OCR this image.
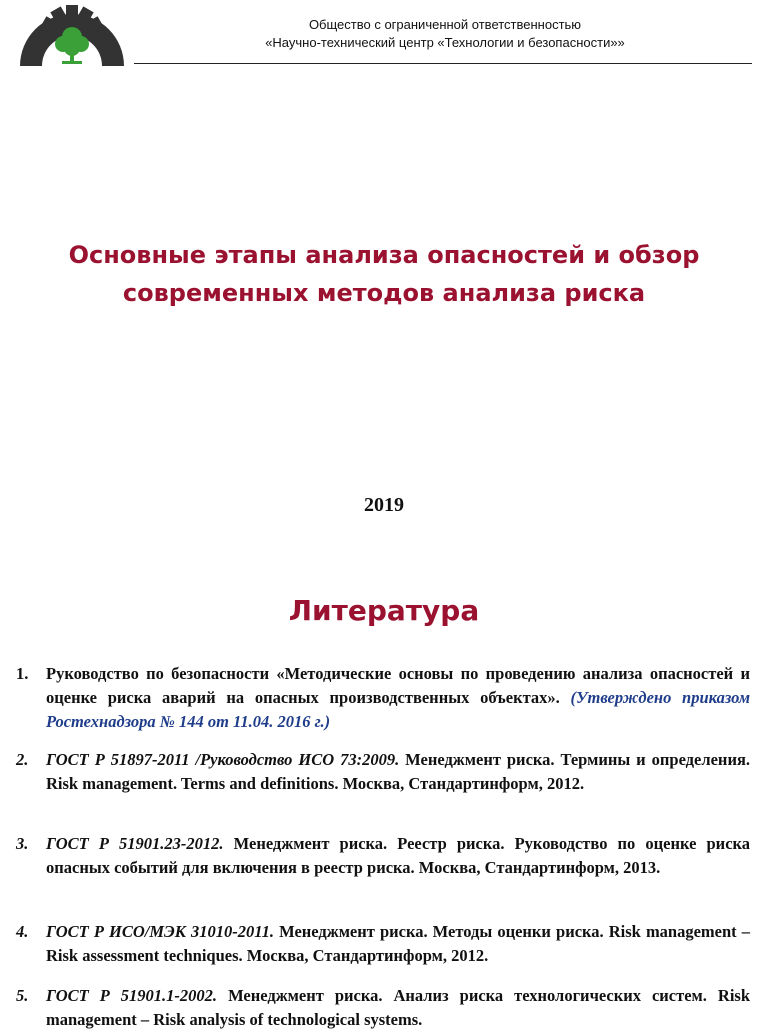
Общество с ограниченной ответственностью
«Научно-технический центр «Технологии и безопасности»»
Основные этапы анализа опасностей и обзор
современных методов анализа риска
2019
Литература
1. Руководство по безопасности «Методические основы по проведению анализа опасностей и оценке риска аварий на опасных производственных объектах». (Утверждено приказом Ростехнадзора № 144 от 11.04. 2016 г.)
2. ГОСТ Р 51897-2011 /Руководство ИСО 73:2009. Менеджмент риска. Термины и определения. Risk management. Terms and definitions. Москва, Стандартинформ, 2012.
3. ГОСТ Р 51901.23-2012. Менеджмент риска. Реестр риска. Руководство по оценке риска опасных событий для включения в реестр риска. Москва, Стандартинформ, 2013.
4. ГОСТ Р ИСО/МЭК 31010-2011. Менеджмент риска. Методы оценки риска. Risk management – Risk assessment techniques. Москва, Стандартинформ, 2012.
5. ГОСТ Р 51901.1-2002. Менеджмент риска. Анализ риска технологических систем. Risk management – Risk analysis of technological systems.
